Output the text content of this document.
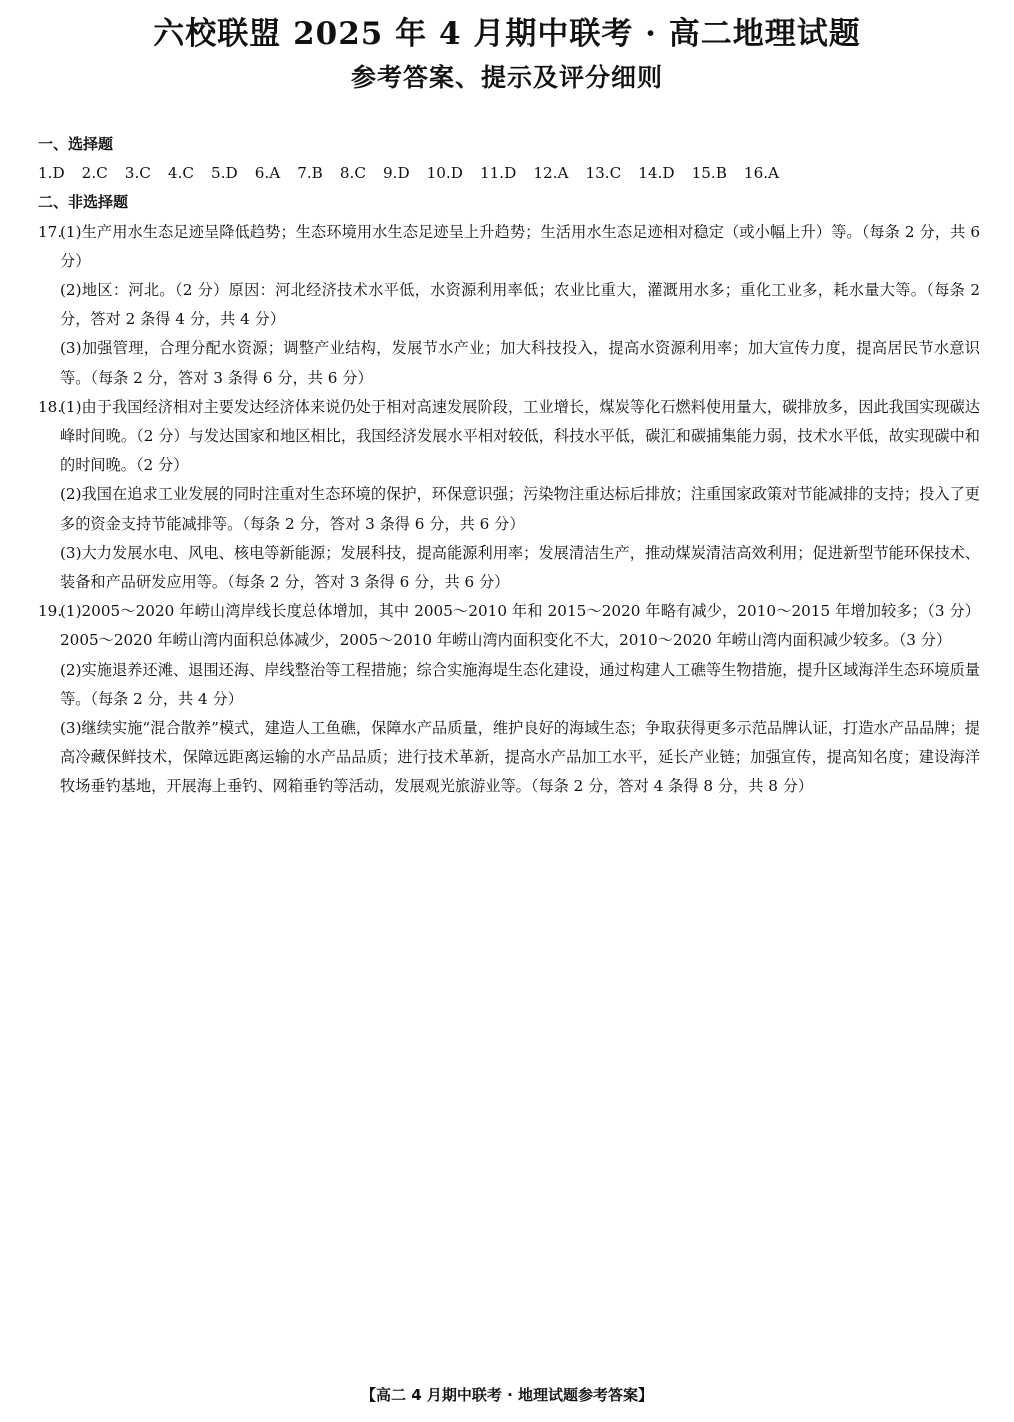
六校联盟 2025 年 4 月期中联考 · 高二地理试题
参考答案、提示及评分细则
一、选择题
1.D 2.C 3.C 4.C 5.D 6.A 7.B 8.C 9.D 10.D 11.D 12.A 13.C 14.D 15.B 16.A
二、非选择题
17.(1)生产用水生态足迹呈降低趋势；生态环境用水生态足迹呈上升趋势；生活用水生态足迹相对稳定（或小幅上升）等。（每条 2 分，共 6 分）
(2)地区：河北。（2 分）原因：河北经济技术水平低，水资源利用率低；农业比重大，灌溉用水多；重化工业多，耗水量大等。（每条 2 分，答对 2 条得 4 分，共 4 分）
(3)加强管理，合理分配水资源；调整产业结构，发展节水产业；加大科技投入，提高水资源利用率；加大宣传力度，提高居民节水意识等。（每条 2 分，答对 3 条得 6 分，共 6 分）
18.(1)由于我国经济相对主要发达经济体来说仍处于相对高速发展阶段，工业增长，煤炭等化石燃料使用量大，碳排放多，因此我国实现碳达峰时间晚。（2 分）与发达国家和地区相比，我国经济发展水平相对较低，科技水平低，碳汇和碳捕集能力弱，技术水平低，故实现碳中和的时间晚。（2 分）
(2)我国在追求工业发展的同时注重对生态环境的保护，环保意识强；污染物注重达标后排放；注重国家政策对节能减排的支持；投入了更多的资金支持节能减排等。（每条 2 分，答对 3 条得 6 分，共 6 分）
(3)大力发展水电、风电、核电等新能源；发展科技，提高能源利用率；发展清洁生产，推动煤炭清洁高效利用；促进新型节能环保技术、装备和产品研发应用等。（每条 2 分，答对 3 条得 6 分，共 6 分）
19.(1)2005～2020 年崂山湾岸线长度总体增加，其中 2005～2010 年和 2015～2020 年略有减少，2010～2015 年增加较多；（3 分）2005～2020 年崂山湾内面积总体减少，2005～2010 年崂山湾内面积变化不大，2010～2020 年崂山湾内面积减少较多。（3 分）
(2)实施退养还滩、退围还海、岸线整治等工程措施；综合实施海堤生态化建设，通过构建人工礁等生物措施，提升区域海洋生态环境质量等。（每条 2 分，共 4 分）
(3)继续实施“混合散养”模式，建造人工鱼礁，保障水产品质量，维护良好的海域生态；争取获得更多示范品牌认证，打造水产品品牌；提高冷藏保鲜技术，保障远距离运输的水产品品质；进行技术革新，提高水产品加工水平，延长产业链；加强宣传，提高知名度；建设海洋牧场垂钓基地，开展海上垂钓、网箱垂钓等活动，发展观光旅游业等。（每条 2 分，答对 4 条得 8 分，共 8 分）
【高二 4 月期中联考 · 地理试题参考答案】
